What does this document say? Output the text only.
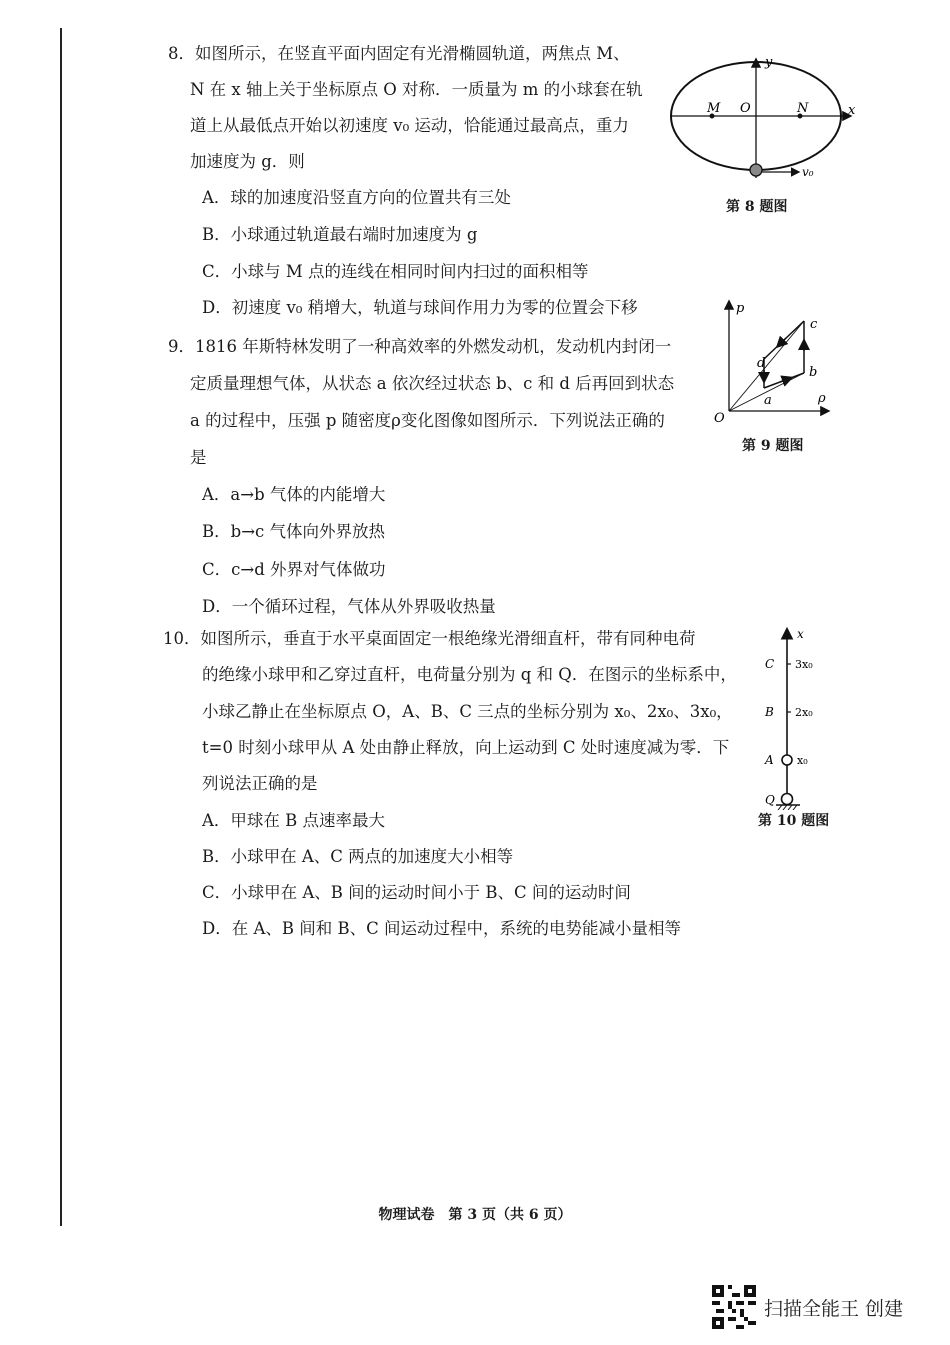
8．如图所示，在竖直平面内固定有光滑椭圆轨道，两焦点 M、
N 在 x 轴上关于坐标原点 O 对称．一质量为 m 的小球套在轨
道上从最低点开始以初速度 v₀ 运动，恰能通过最高点，重力
加速度为 g．则
A．球的加速度沿竖直方向的位置共有三处
B．小球通过轨道最右端时加速度为 g
C．小球与 M 点的连线在相同时间内扫过的面积相等
D．初速度 v₀ 稍增大，轨道与球间作用力为零的位置会下移
y
x
M O	N
v₀
第 8 题图
9．1816 年斯特林发明了一种高效率的外燃发动机，发动机内封闭一
定质量理想气体，从状态 a 依次经过状态 b、c 和 d 后再回到状态
a 的过程中，压强 p 随密度ρ变化图像如图所示．下列说法正确的
是
A．a→b 气体的内能增大
B．b→c 气体向外界放热
C．c→d 外界对气体做功
D．一个循环过程，气体从外界吸收热量
p
ρ
O
a
b
c
d
第 9 题图
10．如图所示，垂直于水平桌面固定一根绝缘光滑细直杆，带有同种电荷
的绝缘小球甲和乙穿过直杆，电荷量分别为 q 和 Q．在图示的坐标系中，
小球乙静止在坐标原点 O，A、B、C 三点的坐标分别为 x₀、2x₀、3x₀，
t=0 时刻小球甲从 A 处由静止释放，向上运动到 C 处时速度减为零．下
列说法正确的是
A．甲球在 B 点速率最大
B．小球甲在 A、C 两点的加速度大小相等
C．小球甲在 A、B 间的运动时间小于 B、C 间的运动时间
D．在 A、B 间和 B、C 间运动过程中，系统的电势能减小量相等
x
C 3x₀
B 2x₀
A x₀
Q
第 10 题图
物理试卷　第 3 页（共 6 页）
扫描全能王 创建
